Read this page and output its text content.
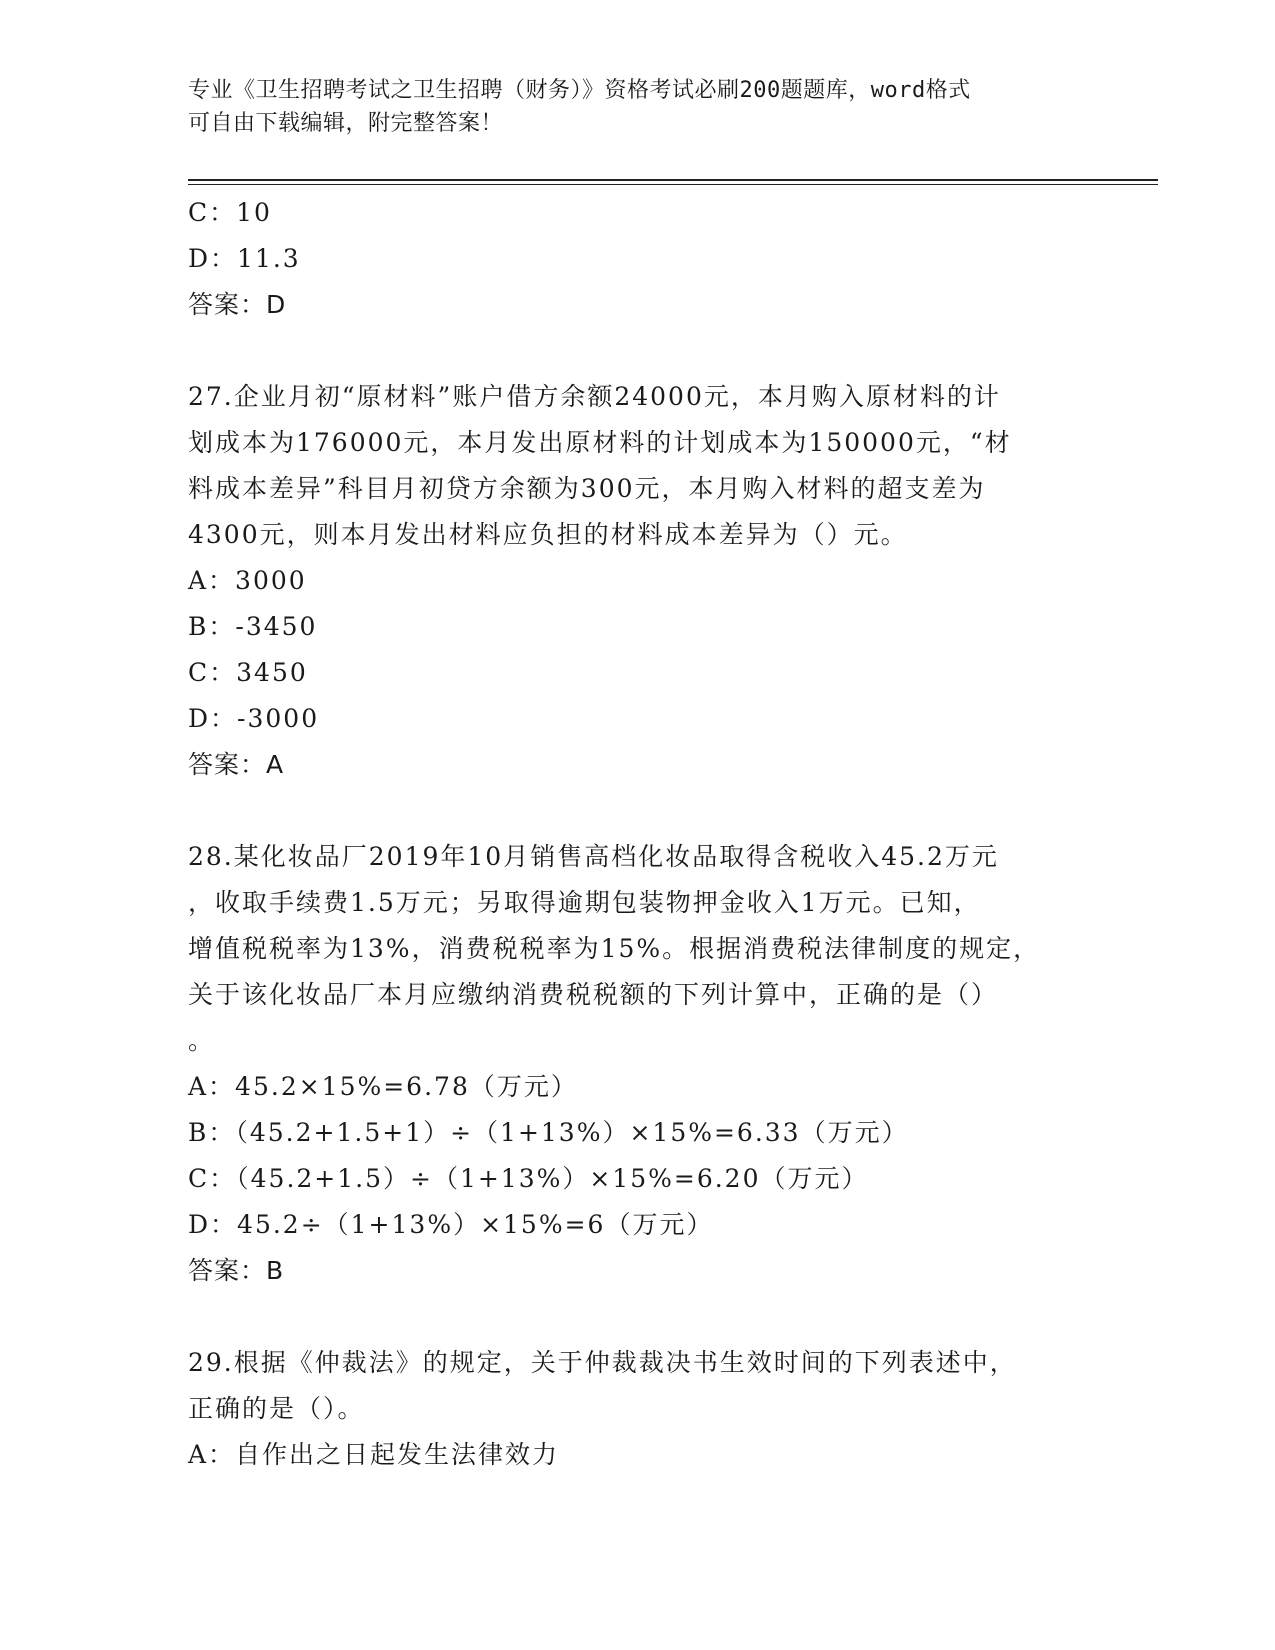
专业《卫生招聘考试之卫生招聘（财务）》资格考试必刷200题题库，word格式
可自由下载编辑，附完整答案！
C：10
D：11.3
答案：D
27.企业月初“原材料”账户借方余额24000元，本月购入原材料的计
划成本为176000元，本月发出原材料的计划成本为150000元，“材
料成本差异”科目月初贷方余额为300元，本月购入材料的超支差为
4300元，则本月发出材料应负担的材料成本差异为（）元。
A：3000
B：-3450
C：3450
D：-3000
答案：A
28.某化妆品厂2019年10月销售高档化妆品取得含税收入45.2万元
，收取手续费1.5万元；另取得逾期包装物押金收入1万元。已知，
增值税税率为13%，消费税税率为15%。根据消费税法律制度的规定，
关于该化妆品厂本月应缴纳消费税税额的下列计算中，正确的是（）
。
A：45.2×15%=6.78（万元）
B：（45.2+1.5+1）÷（1+13%）×15%=6.33（万元）
C：（45.2+1.5）÷（1+13%）×15%=6.20（万元）
D：45.2÷（1+13%）×15%=6（万元）
答案：B
29.根据《仲裁法》的规定，关于仲裁裁决书生效时间的下列表述中，
正确的是（）。
A：自作出之日起发生法律效力
